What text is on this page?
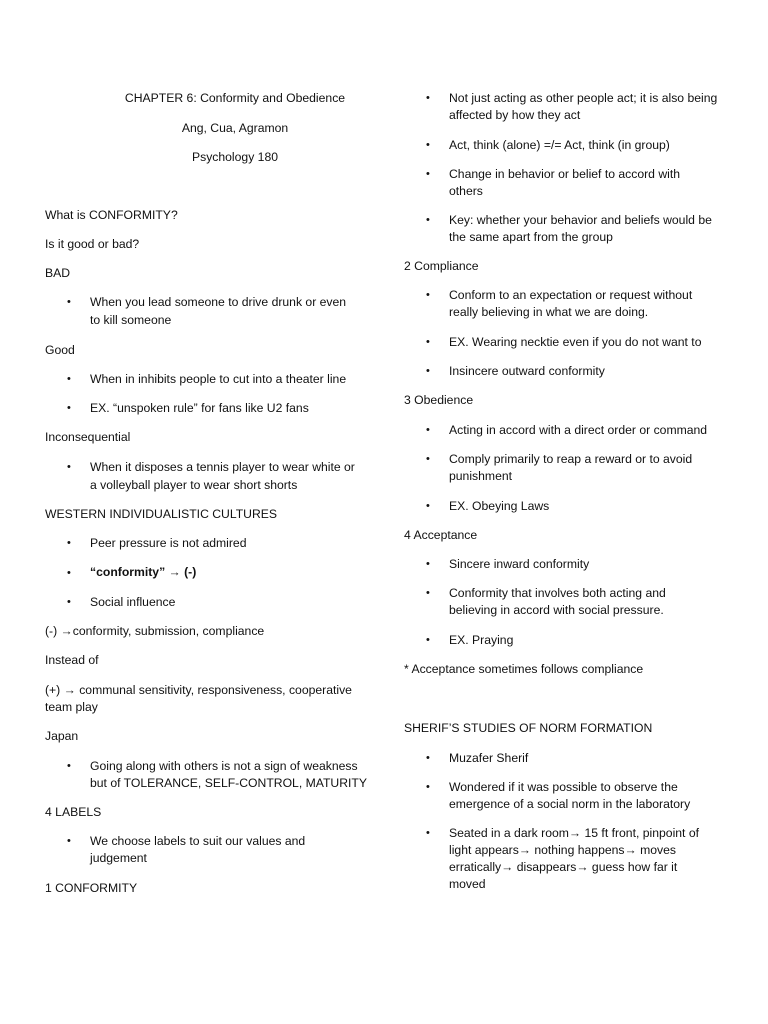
CHAPTER 6: Conformity and Obedience
Ang, Cua, Agramon
Psychology 180
What is CONFORMITY?
Is it good or bad?
BAD
• When you lead someone to drive drunk or even
to kill someone
Good
• When in inhibits people to cut into a theater line
• EX. “unspoken rule” for fans like U2 fans
Inconsequential
• When it disposes a tennis player to wear white or
a volleyball player to wear short shorts
WESTERN INDIVIDUALISTIC CULTURES
• Peer pressure is not admired
• “conformity” → (-)
• Social influence
(-) →conformity, submission, compliance
Instead of
(+) → communal sensitivity, responsiveness, cooperative
team play
Japan
• Going along with others is not a sign of weakness
but of TOLERANCE, SELF-CONTROL, MATURITY
4 LABELS
• We choose labels to suit our values and
judgement
1 CONFORMITY
• Not just acting as other people act; it is also being
affected by how they act
• Act, think (alone) =/= Act, think (in group)
• Change in behavior or belief to accord with
others
• Key: whether your behavior and beliefs would be
the same apart from the group
2 Compliance
• Conform to an expectation or request without
really believing in what we are doing.
• EX. Wearing necktie even if you do not want to
• Insincere outward conformity
3 Obedience
• Acting in accord with a direct order or command
• Comply primarily to reap a reward or to avoid
punishment
• EX. Obeying Laws
4 Acceptance
• Sincere inward conformity
• Conformity that involves both acting and
believing in accord with social pressure.
• EX. Praying
* Acceptance sometimes follows compliance
SHERIF’S STUDIES OF NORM FORMATION
• Muzafer Sherif
• Wondered if it was possible to observe the
emergence of a social norm in the laboratory
• Seated in a dark room→ 15 ft front, pinpoint of
light appears→ nothing happens→ moves
erratically→ disappears→ guess how far it
moved
